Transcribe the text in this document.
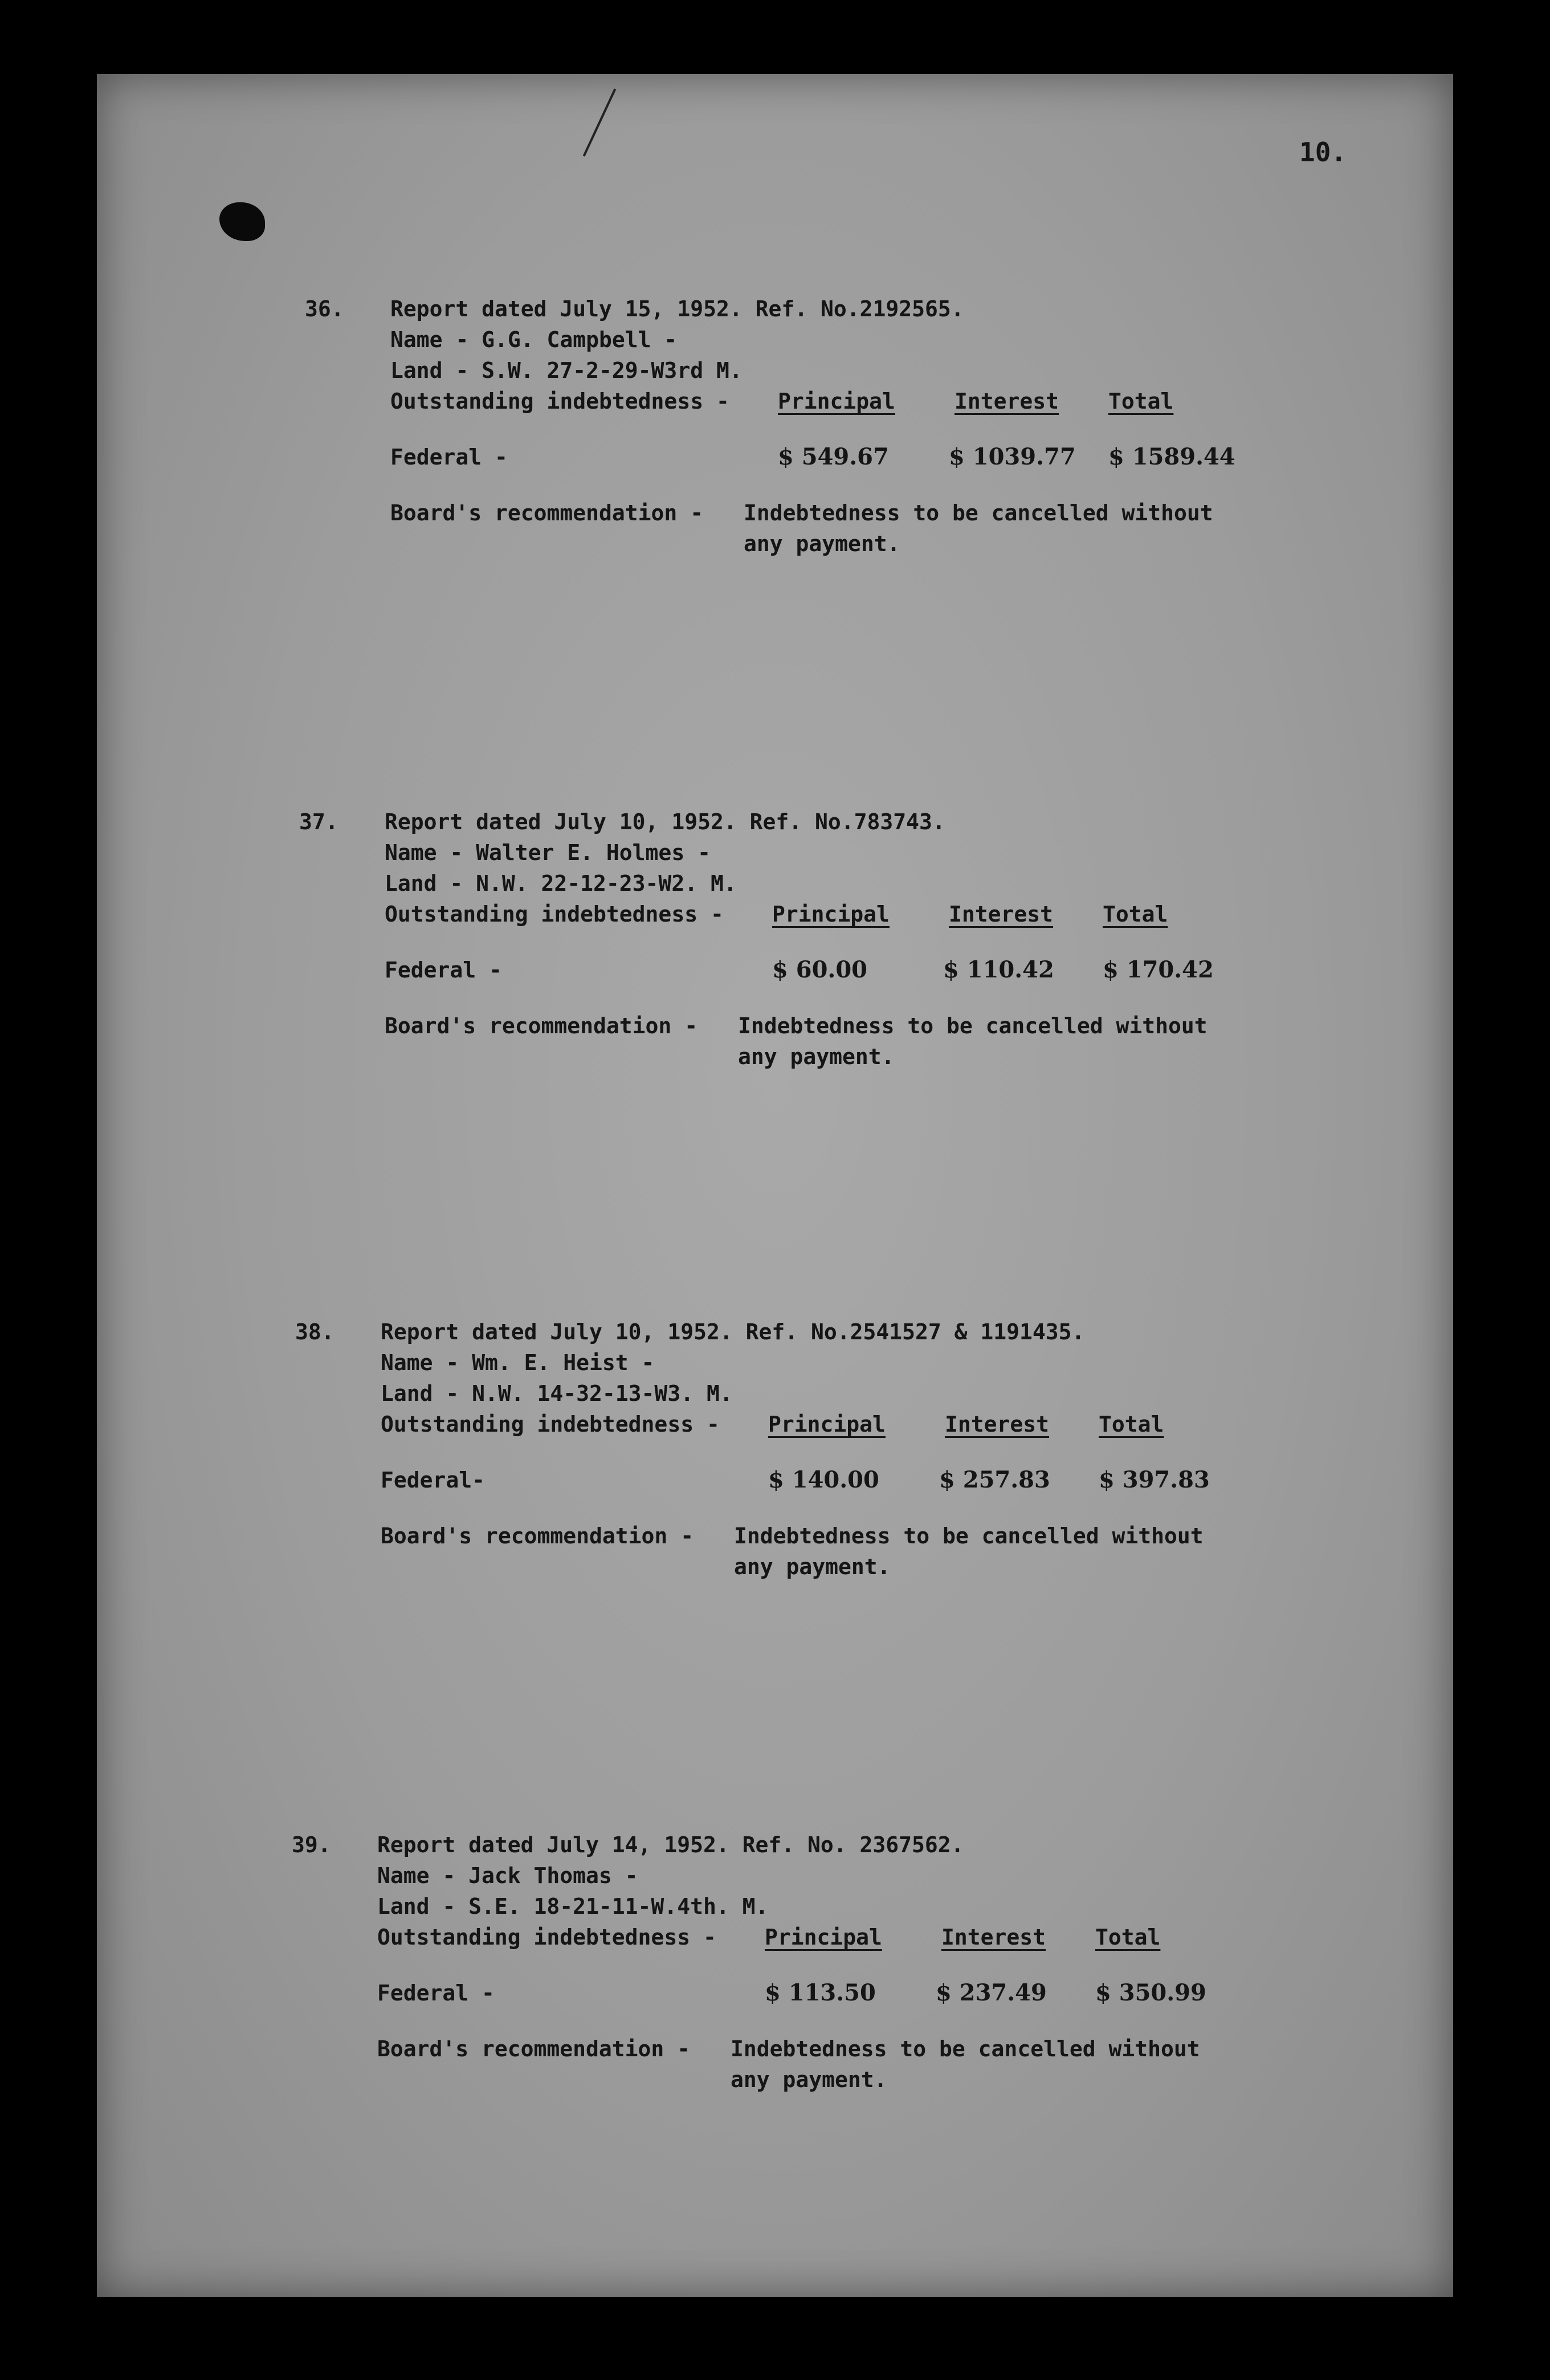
10.
36. Report dated July 15, 1952. Ref. No.2192565.
Name - G.G. Campbell -
Land - S.W. 27-2-29-W3rd M.
Outstanding indebtedness - Principal	Interest Total
Federal -	$ 549.67	$ 1039.77 $ 1589.44
Board's recommendation - Indebtedness to be cancelled without
any payment.
37. Report dated July 10, 1952. Ref. No.783743.
Name - Walter E. Holmes -
Land - N.W. 22-12-23-W2. M.
Outstanding indebtedness - Principal	Interest Total
Federal -	$ 60.00	$ 110.42 $ 170.42
Board's recommendation - Indebtedness to be cancelled without
any payment.
38. Report dated July 10, 1952. Ref. No.2541527 & 1191435.
Name - Wm. E. Heist -
Land - N.W. 14-32-13-W3. M.
Outstanding indebtedness - Principal	Interest Total
Federal-	$ 140.00	$ 257.83 $ 397.83
Board's recommendation - Indebtedness to be cancelled without
any payment.
39. Report dated July 14, 1952. Ref. No. 2367562.
Name - Jack Thomas -
Land - S.E. 18-21-11-W.4th. M.
Outstanding indebtedness - Principal	Interest Total
Federal -	$ 113.50	$ 237.49 $ 350.99
Board's recommendation - Indebtedness to be cancelled without
any payment.
